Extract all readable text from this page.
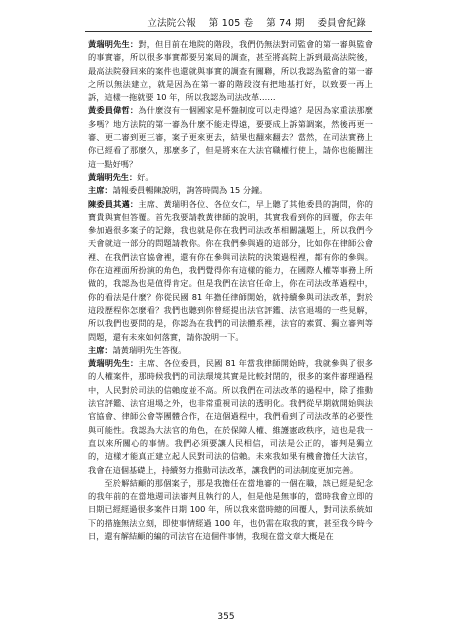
立法院公報 第 105 卷 第 74 期 委員會紀錄

黃瑞明先生：對，但目前在地院的階段，我們仍無法對司監會的第一審與監會的事實審，所以很多事實都要另案局的調查，甚至將高院上訴到最高法院後，最高法院發回來的案件也還就與事實的調查有關聯，所以我認為監會的第一審之所以無法建立，就是因為在第一審的階段沒有把地基打好，以致要一再上訴，這樣一拖就要 10 年，所以我認為司法改革……

黃委員偉哲：為什麼沒有一個國家是杯盤制度可以走得遠？是因為家重法那麼多嗎？地方法院的第一審為什麼不能走得遠，要要成上訴第調案，然後再更一審、更二審到更三審，案子更來更去，結果也翻來翻去？當然，在司法實務上你已經看了那麼久，那麼多了，但是將來在大法官職權行使上，請你也能關注這一點好嗎？

黃瑞明先生：好。

主席：請報委員暢陳說明，詢答時間為 15 分鐘。

陳委員其邁：主席、黃瑞明各位、各位女仁，早上聽了其他委員的詢問，你的寶貴與實但答覆。首先我要請教黃律師的說明，其實我看到你的回覆，你去年參加過很多案子的記錄，我也就是你在我們司法改革相關議題上，所以我們今天會就這一部分的問題請教你。你在我們參與過的這部分，比如你在律師公會裡、在我們法官協會裡，還有你在參與司法院的決策過程裡，都有你的參與。你在這裡面所扮演的角色，我們覺得你有這樣的能力，在國際人權等事務上所做的，我認為也是值得肯定。但是我們在法官任命上，你在司法改革過程中，你的看法是什麼？你從民國 81 年擔任律師開始，就持續參與司法改革，對於這段歷程你怎麼看？我們也聽到你曾經提出法官評鑑、法官退場的一些見解，所以我們也要問的是，你認為在我們的司法體系裡，法官的素質、獨立審判等問題，還有未來如何落實，請你說明一下。

主席：請黃瑞明先生答復。

黃瑞明先生：主席、各位委員，民國 81 年當我律師開始時，我就參與了很多的人權案件，那時候我們的司法環境其實是比較封閉的，很多的案件審理過程中，人民對於司法的信賴度並不高。所以我們在司法改革的過程中，除了推動法官評鑑、法官退場之外，也非常重視司法的透明化。我們從早期就開始與法官協會、律師公會等團體合作，在這個過程中，我們看到了司法改革的必要性與可能性。我認為大法官的角色，在於保障人權、維護憲政秩序，這也是我一直以來所關心的事情。我們必須要讓人民相信，司法是公正的，審判是獨立的，這樣才能真正建立起人民對司法的信賴。未來我如果有機會擔任大法官，我會在這個基礎上，持續努力推動司法改革，讓我們的司法制度更加完善。

至於解結顧的那個案子，那是我擔任在當地審的一個在職，該已經是紀念的我年前的在當地週司法審判且執行的人，但是他是無事的，當時我會立即的日期已經經過很多案件日期 100 年，所以我來當時總的回覆人，對司法系統如下的措施無法立刻，即使事情經過 100 年，也仍需在取我的實，甚至我今時今日，還有解結顧的編的司法官在這個件事情，我現在當文章大概是在

355
